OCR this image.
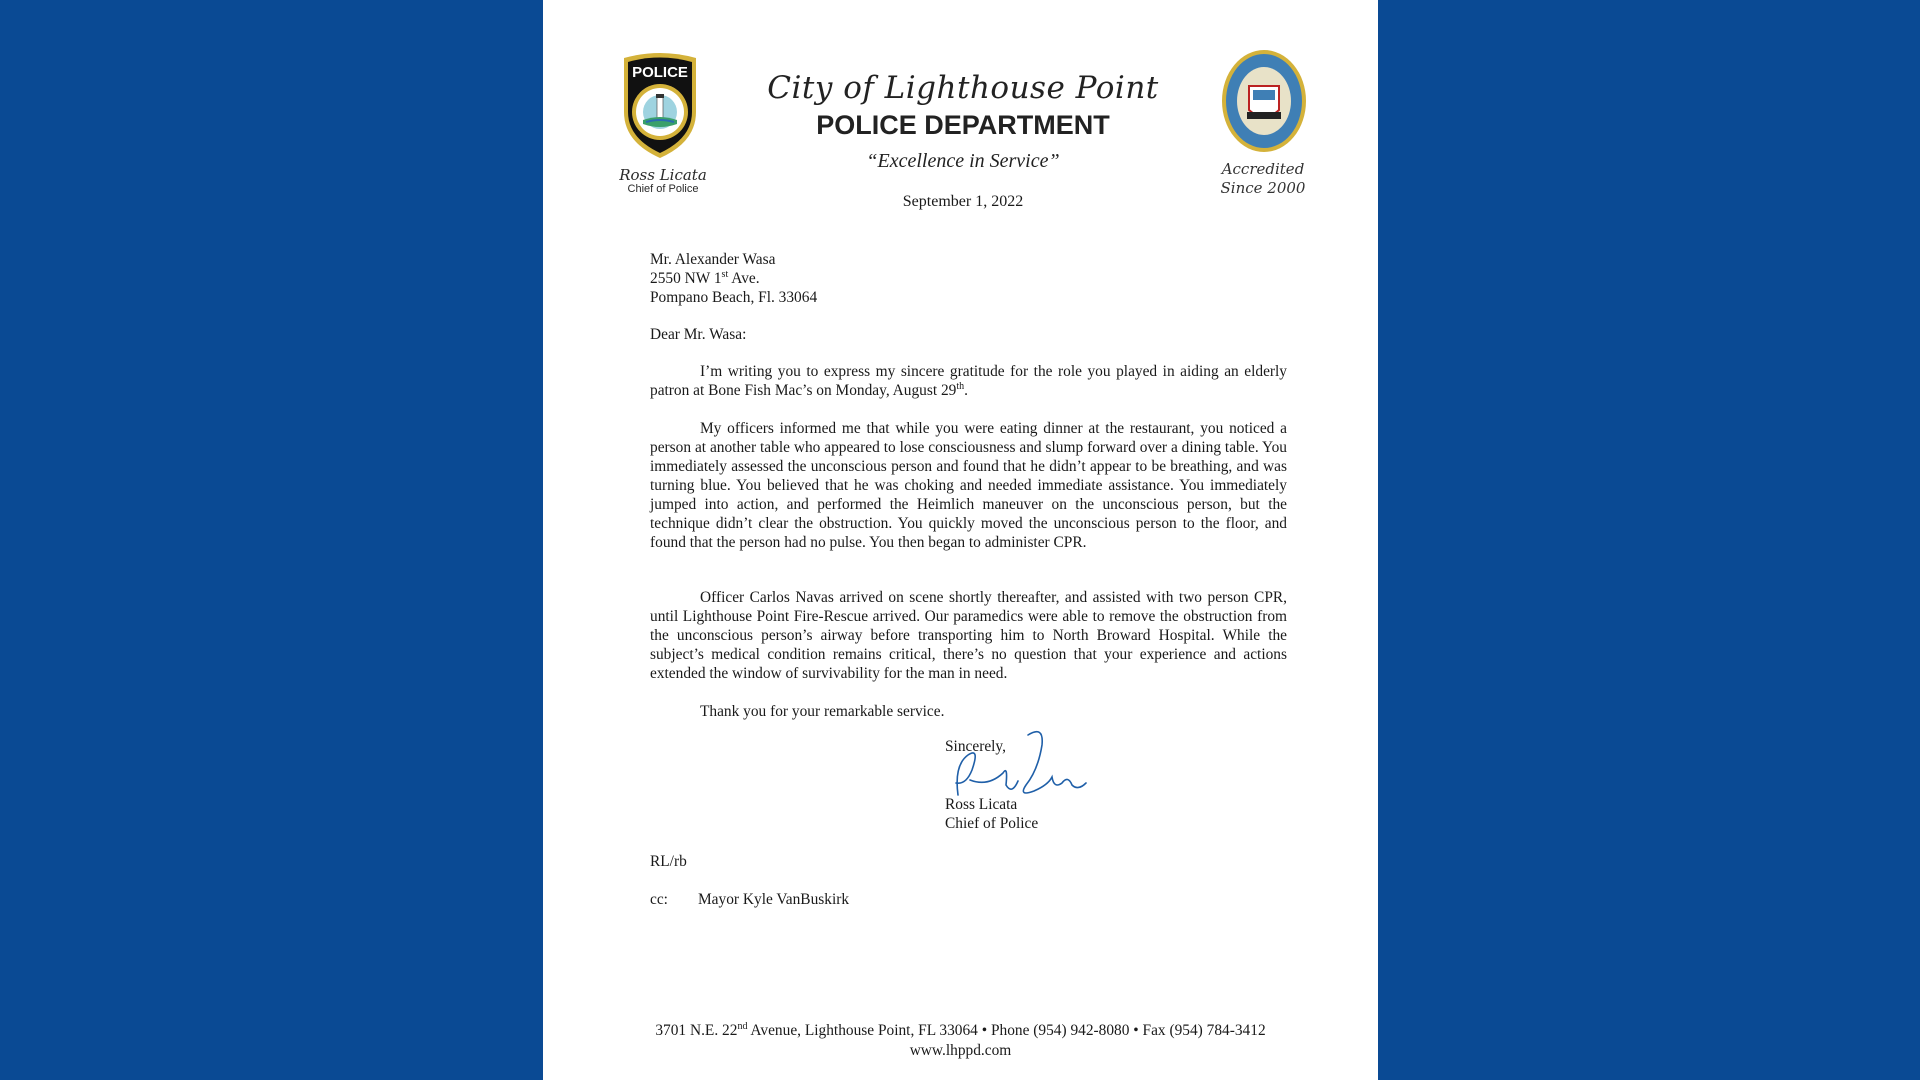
POLICE
Ross Licata
Chief of Police
City of Lighthouse Point
POLICE DEPARTMENT
“Excellence in Service”
September 1, 2022
Accredited
Since 2000
Mr. Alexander Wasa
2550 NW 1st Ave.
Pompano Beach, Fl. 33064
Dear Mr. Wasa:
I’m writing you to express my sincere gratitude for the role you played in aiding an elderly patron at Bone Fish Mac’s on Monday, August 29th.
My officers informed me that while you were eating dinner at the restaurant, you noticed a person at another table who appeared to lose consciousness and slump forward over a dining table. You immediately assessed the unconscious person and found that he didn’t appear to be breathing, and was turning blue. You believed that he was choking and needed immediate assistance. You immediately jumped into action, and performed the Heimlich maneuver on the unconscious person, but the technique didn’t clear the obstruction. You quickly moved the unconscious person to the floor, and found that the person had no pulse. You then began to administer CPR.
Officer Carlos Navas arrived on scene shortly thereafter, and assisted with two person CPR, until Lighthouse Point Fire-Rescue arrived. Our paramedics were able to remove the obstruction from the unconscious person’s airway before transporting him to North Broward Hospital. While the subject’s medical condition remains critical, there’s no question that your experience and actions extended the window of survivability for the man in need.
Thank you for your remarkable service.
Sincerely,
Ross Licata
Chief of Police
RL/rb
cc: Mayor Kyle VanBuskirk
3701 N.E. 22nd Avenue, Lighthouse Point, FL 33064 • Phone (954) 942-8080 • Fax (954) 784-3412
www.lhppd.com
